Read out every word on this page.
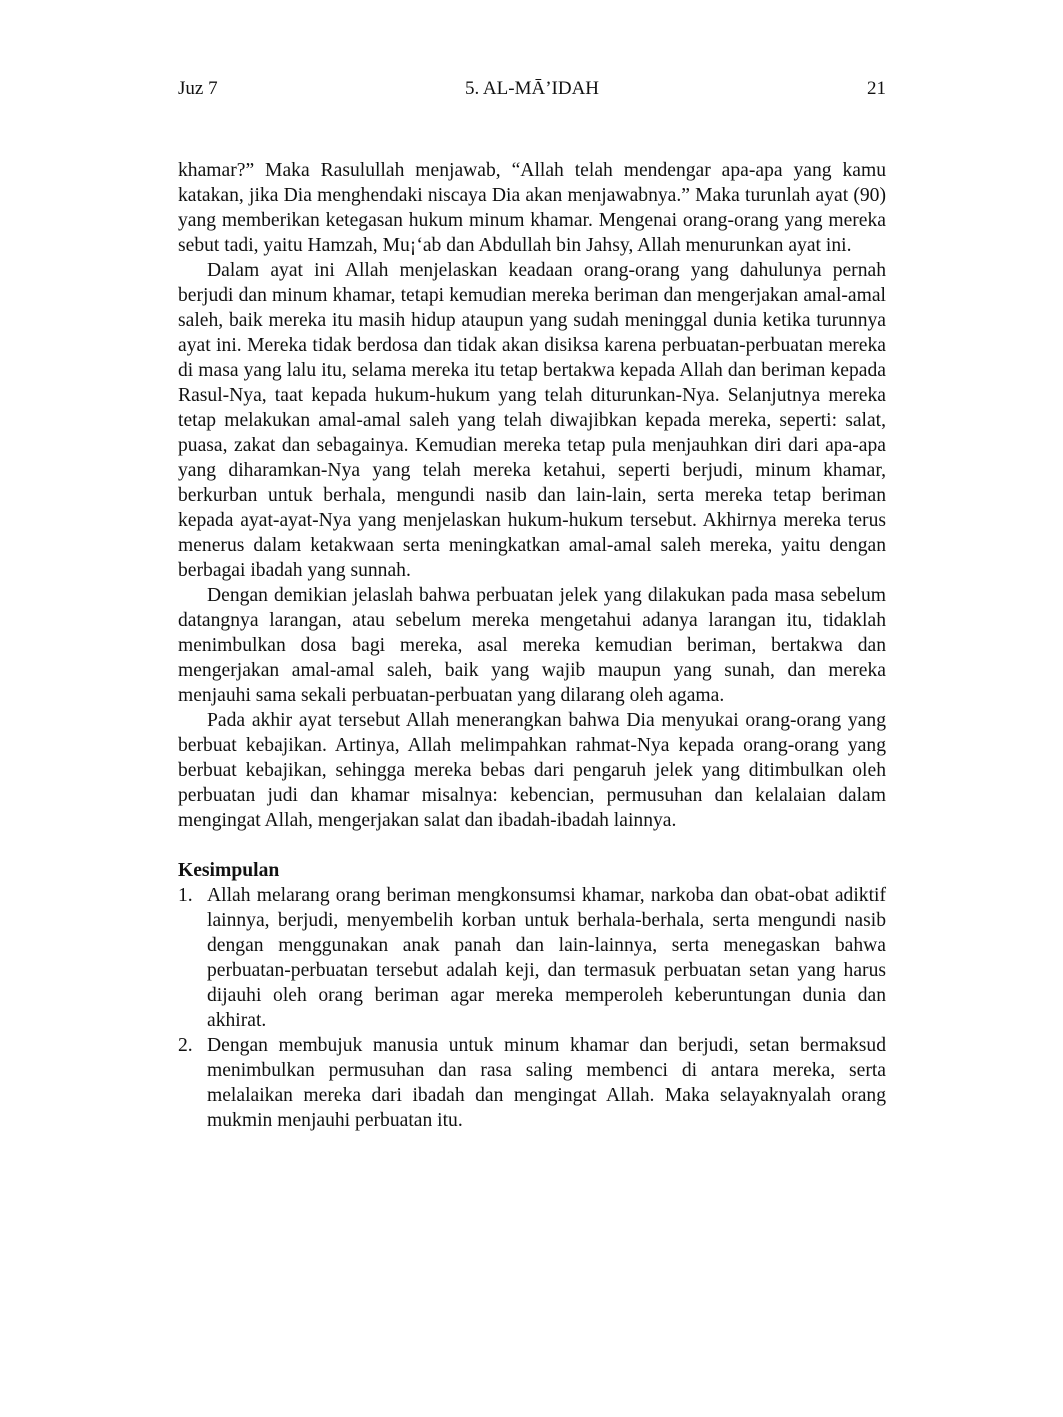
Juz 7	5. AL-MĀ’IDAH	21

khamar?” Maka Rasulullah menjawab, “Allah telah mendengar apa-apa yang kamu katakan, jika Dia menghendaki niscaya Dia akan menjawabnya.” Maka turunlah ayat (90) yang memberikan ketegasan hukum minum khamar. Mengenai orang-orang yang mereka sebut tadi, yaitu Hamzah, Mu¡‘ab dan Abdullah bin Jahsy, Allah menurunkan ayat ini.

Dalam ayat ini Allah menjelaskan keadaan orang-orang yang dahulunya pernah berjudi dan minum khamar, tetapi kemudian mereka beriman dan mengerjakan amal-amal saleh, baik mereka itu masih hidup ataupun yang sudah meninggal dunia ketika turunnya ayat ini. Mereka tidak berdosa dan tidak akan disiksa karena perbuatan-perbuatan mereka di masa yang lalu itu, selama mereka itu tetap bertakwa kepada Allah dan beriman kepada Rasul-Nya, taat kepada hukum-hukum yang telah diturunkan-Nya. Selanjutnya mereka tetap melakukan amal-amal saleh yang telah diwajibkan kepada mereka, seperti: salat, puasa, zakat dan sebagainya. Kemudian mereka tetap pula menjauhkan diri dari apa-apa yang diharamkan-Nya yang telah mereka ketahui, seperti berjudi, minum khamar, berkurban untuk berhala, mengundi nasib dan lain-lain, serta mereka tetap beriman kepada ayat-ayat-Nya yang menjelaskan hukum-hukum tersebut. Akhirnya mereka terus menerus dalam ketakwaan serta meningkatkan amal-amal saleh mereka, yaitu dengan berbagai ibadah yang sunnah.

Dengan demikian jelaslah bahwa perbuatan jelek yang dilakukan pada masa sebelum datangnya larangan, atau sebelum mereka mengetahui adanya larangan itu, tidaklah menimbulkan dosa bagi mereka, asal mereka kemudian beriman, bertakwa dan mengerjakan amal-amal saleh, baik yang wajib maupun yang sunah, dan mereka menjauhi sama sekali perbuatan-perbuatan yang dilarang oleh agama.

Pada akhir ayat tersebut Allah menerangkan bahwa Dia menyukai orang-orang yang berbuat kebajikan. Artinya, Allah melimpahkan rahmat-Nya kepada orang-orang yang berbuat kebajikan, sehingga mereka bebas dari pengaruh jelek yang ditimbulkan oleh perbuatan judi dan khamar misalnya: kebencian, permusuhan dan kelalaian dalam mengingat Allah, mengerjakan salat dan ibadah-ibadah lainnya.

Kesimpulan
1. Allah melarang orang beriman mengkonsumsi khamar, narkoba dan obat-obat adiktif lainnya, berjudi, menyembelih korban untuk berhala-berhala, serta mengundi nasib dengan menggunakan anak panah dan lain-lainnya, serta menegaskan bahwa perbuatan-perbuatan tersebut adalah keji, dan termasuk perbuatan setan yang harus dijauhi oleh orang beriman agar mereka memperoleh keberuntungan dunia dan akhirat.
2. Dengan membujuk manusia untuk minum khamar dan berjudi, setan bermaksud menimbulkan permusuhan dan rasa saling membenci di antara mereka, serta melalaikan mereka dari ibadah dan mengingat Allah. Maka selayaknyalah orang mukmin menjauhi perbuatan itu.
